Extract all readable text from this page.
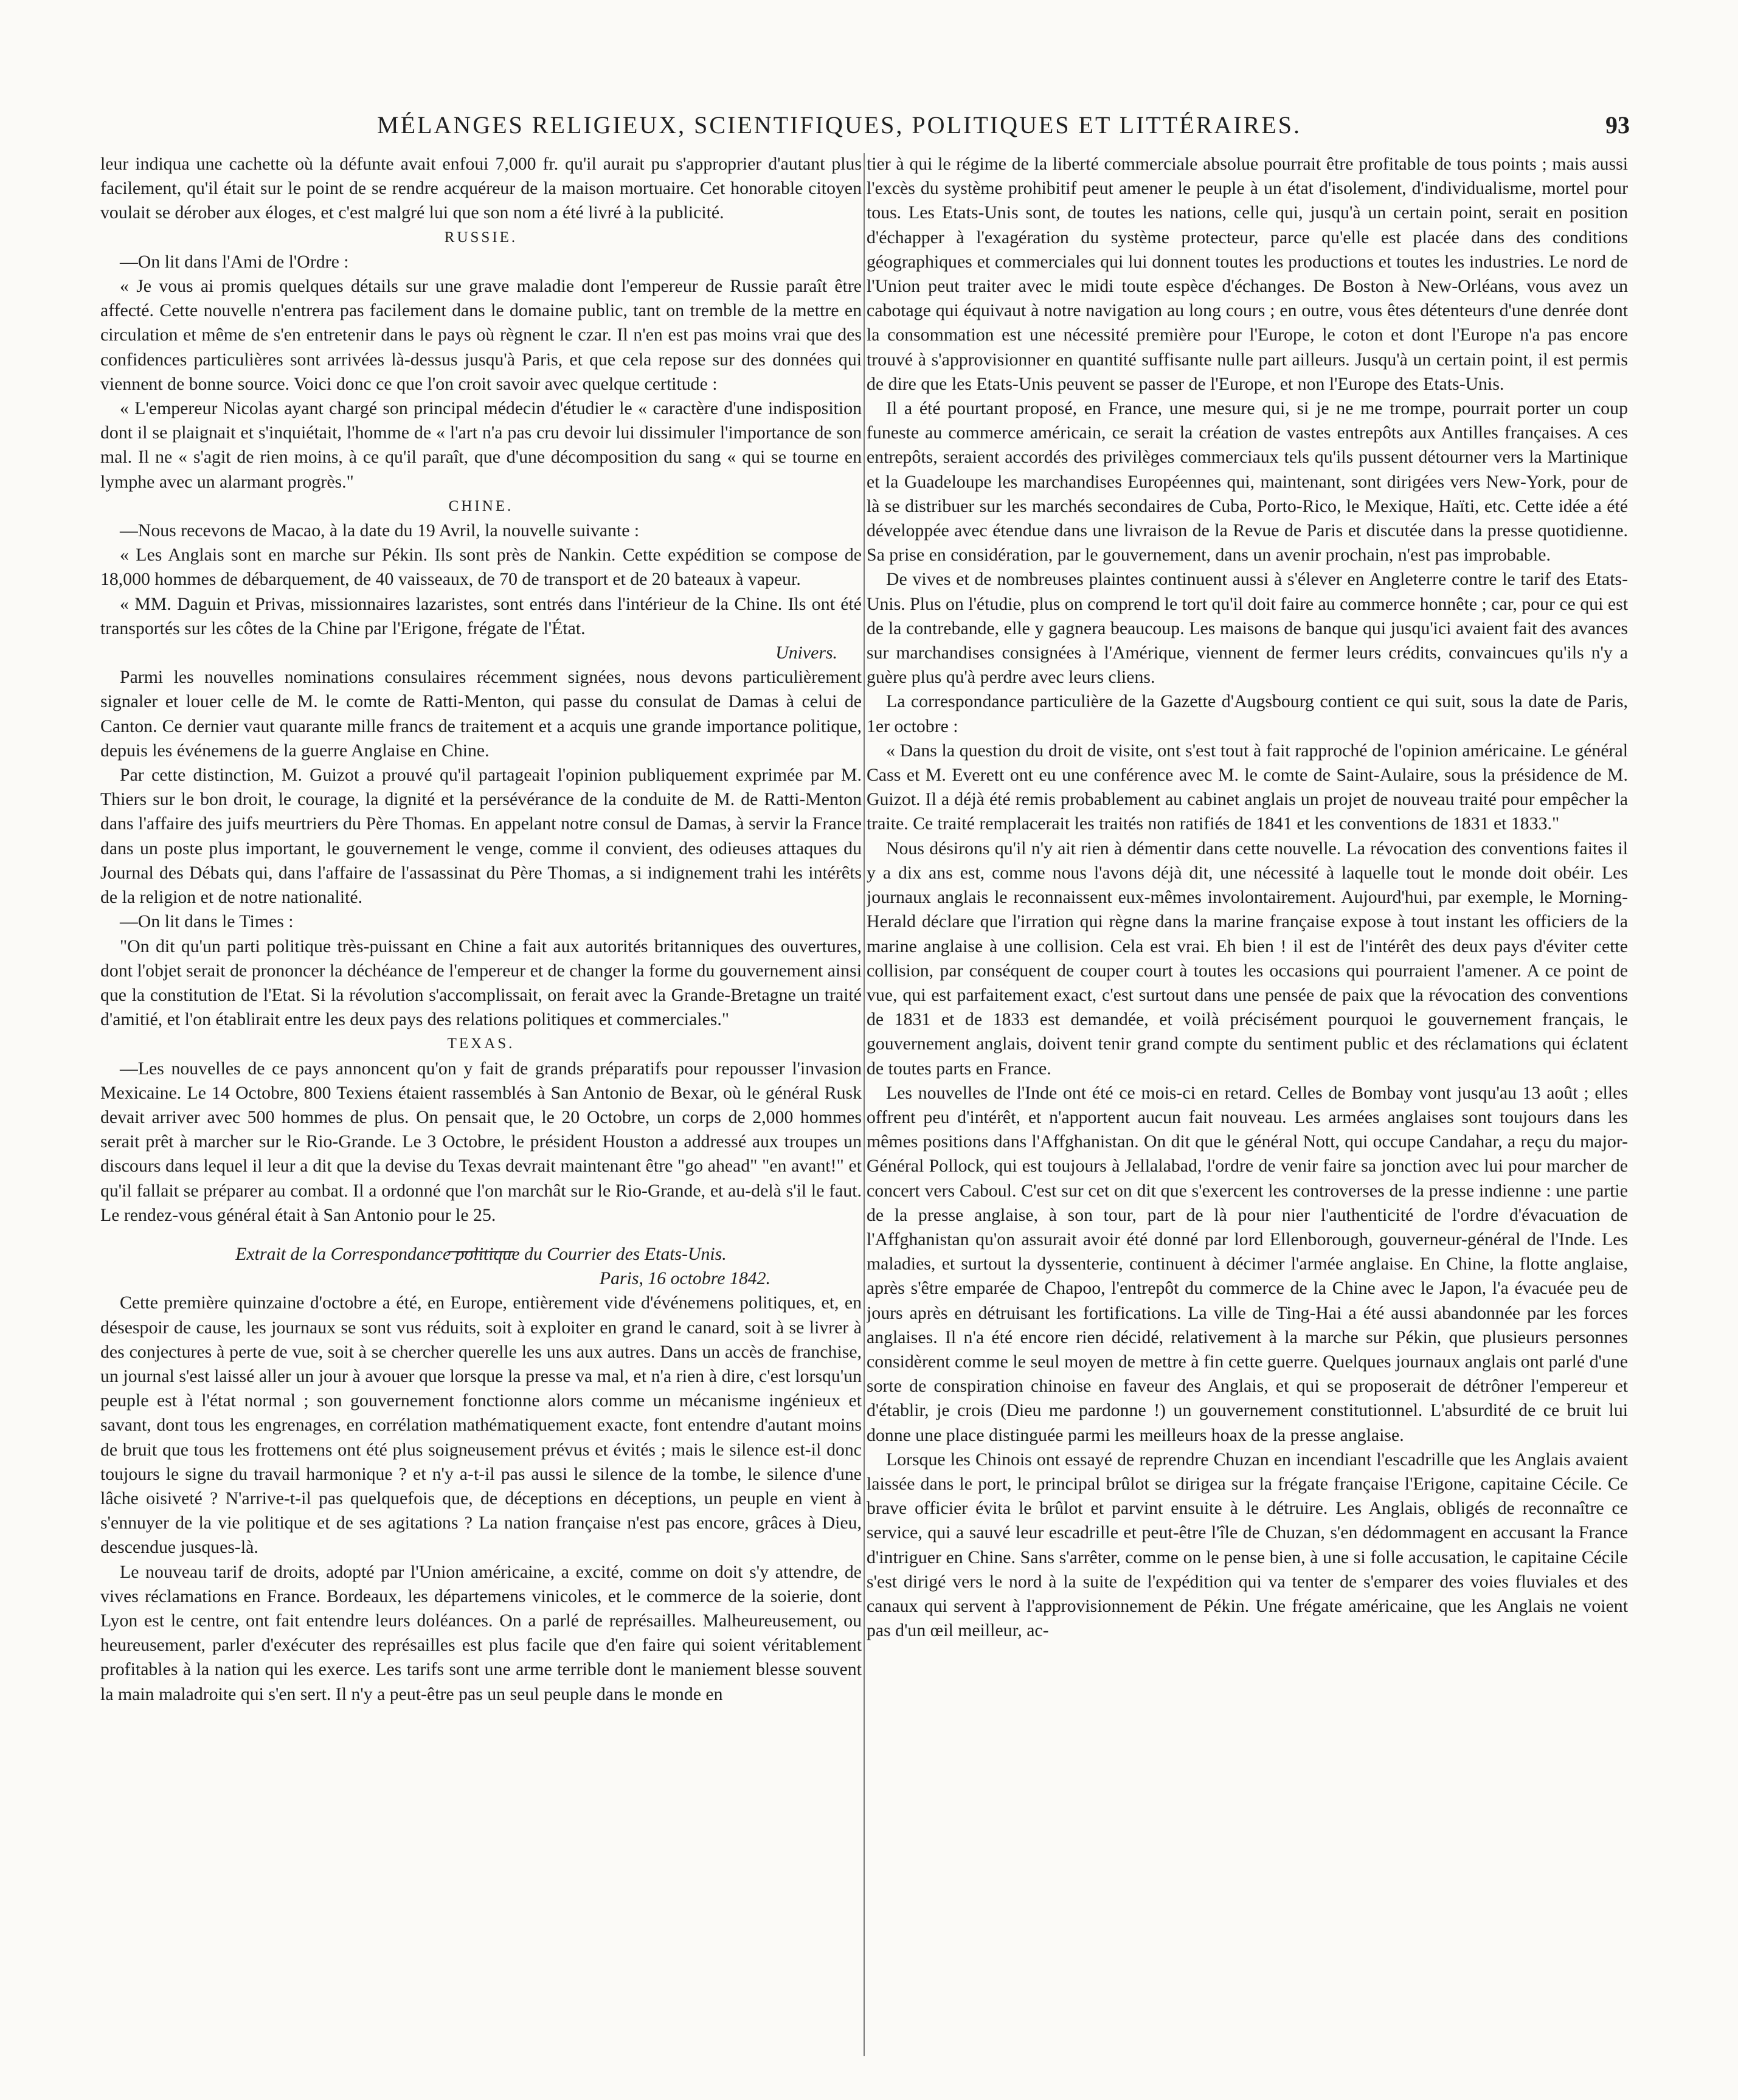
MÉLANGES RELIGIEUX, SCIENTIFIQUES, POLITIQUES ET LITTÉRAIRES.	93

leur indiqua une cachette où la défunte avait enfoui 7,000 fr. qu'il aurait pu s'approprier d'autant plus facilement, qu'il était sur le point de se rendre acquéreur de la maison mortuaire. Cet honorable citoyen voulait se dérober aux éloges, et c'est malgré lui que son nom a été livré à la publicité.

RUSSIE.

—On lit dans l'Ami de l'Ordre :

« Je vous ai promis quelques détails sur une grave maladie dont l'empereur de Russie paraît être affecté. Cette nouvelle n'entrera pas facilement dans le domaine public, tant on tremble de la mettre en circulation et même de s'en entretenir dans le pays où règnent le czar. Il n'en est pas moins vrai que des confidences particulières sont arrivées là-dessus jusqu'à Paris, et que cela repose sur des données qui viennent de bonne source. Voici donc ce que l'on croit savoir avec quelque certitude :

« L'empereur Nicolas ayant chargé son principal médecin d'étudier le « caractère d'une indisposition dont il se plaignait et s'inquiétait, l'homme de « l'art n'a pas cru devoir lui dissimuler l'importance de son mal. Il ne « s'agit de rien moins, à ce qu'il paraît, que d'une décomposition du sang « qui se tourne en lymphe avec un alarmant progrès."

CHINE.

—Nous recevons de Macao, à la date du 19 Avril, la nouvelle suivante :

« Les Anglais sont en marche sur Pékin. Ils sont près de Nankin. Cette expédition se compose de 18,000 hommes de débarquement, de 40 vaisseaux, de 70 de transport et de 20 bateaux à vapeur.

« MM. Daguin et Privas, missionnaires lazaristes, sont entrés dans l'intérieur de la Chine. Ils ont été transportés sur les côtes de la Chine par l'Erigone, frégate de l'État.

Univers.

Parmi les nouvelles nominations consulaires récemment signées, nous devons particulièrement signaler et louer celle de M. le comte de Ratti-Menton, qui passe du consulat de Damas à celui de Canton. Ce dernier vaut quarante mille francs de traitement et a acquis une grande importance politique, depuis les événemens de la guerre Anglaise en Chine.

Par cette distinction, M. Guizot a prouvé qu'il partageait l'opinion publiquement exprimée par M. Thiers sur le bon droit, le courage, la dignité et la persévérance de la conduite de M. de Ratti-Menton dans l'affaire des juifs meurtriers du Père Thomas. En appelant notre consul de Damas, à servir la France dans un poste plus important, le gouvernement le venge, comme il convient, des odieuses attaques du Journal des Débats qui, dans l'affaire de l'assassinat du Père Thomas, a si indignement trahi les intérêts de la religion et de notre nationalité.

—On lit dans le Times :

"On dit qu'un parti politique très-puissant en Chine a fait aux autorités britanniques des ouvertures, dont l'objet serait de prononcer la déchéance de l'empereur et de changer la forme du gouvernement ainsi que la constitution de l'Etat. Si la révolution s'accomplissait, on ferait avec la Grande-Bretagne un traité d'amitié, et l'on établirait entre les deux pays des relations politiques et commerciales."

TEXAS.

—Les nouvelles de ce pays annoncent qu'on y fait de grands préparatifs pour repousser l'invasion Mexicaine. Le 14 Octobre, 800 Texiens étaient rassemblés à San Antonio de Bexar, où le général Rusk devait arriver avec 500 hommes de plus. On pensait que, le 20 Octobre, un corps de 2,000 hommes serait prêt à marcher sur le Rio-Grande. Le 3 Octobre, le président Houston a addressé aux troupes un discours dans lequel il leur a dit que la devise du Texas devrait maintenant être "go ahead" "en avant!" et qu'il fallait se préparer au combat. Il a ordonné que l'on marchât sur le Rio-Grande, et au-delà s'il le faut. Le rendez-vous général était à San Antonio pour le 25.

Extrait de la Correspondance politique du Courrier des Etats-Unis.

Paris, 16 octobre 1842.

Cette première quinzaine d'octobre a été, en Europe, entièrement vide d'événemens politiques, et, en désespoir de cause, les journaux se sont vus réduits, soit à exploiter en grand le canard, soit à se livrer à des conjectures à perte de vue, soit à se chercher querelle les uns aux autres. Dans un accès de franchise, un journal s'est laissé aller un jour à avouer que lorsque la presse va mal, et n'a rien à dire, c'est lorsqu'un peuple est à l'état normal ; son gouvernement fonctionne alors comme un mécanisme ingénieux et savant, dont tous les engrenages, en corrélation mathématiquement exacte, font entendre d'autant moins de bruit que tous les frottemens ont été plus soigneusement prévus et évités ; mais le silence est-il donc toujours le signe du travail harmonique ? et n'y a-t-il pas aussi le silence de la tombe, le silence d'une lâche oisiveté ? N'arrive-t-il pas quelquefois que, de déceptions en déceptions, un peuple en vient à s'ennuyer de la vie politique et de ses agitations ? La nation française n'est pas encore, grâces à Dieu, descendue jusques-là.

Le nouveau tarif de droits, adopté par l'Union américaine, a excité, comme on doit s'y attendre, de vives réclamations en France. Bordeaux, les départemens vinicoles, et le commerce de la soierie, dont Lyon est le centre, ont fait entendre leurs doléances. On a parlé de représailles. Malheureusement, ou heureusement, parler d'exécuter des représailles est plus facile que d'en faire qui soient véritablement profitables à la nation qui les exerce. Les tarifs sont une arme terrible dont le maniement blesse souvent la main maladroite qui s'en sert. Il n'y a peut-être pas un seul peuple dans le monde en

tier à qui le régime de la liberté commerciale absolue pourrait être profitable de tous points ; mais aussi l'excès du système prohibitif peut amener le peuple à un état d'isolement, d'individualisme, mortel pour tous. Les Etats-Unis sont, de toutes les nations, celle qui, jusqu'à un certain point, serait en position d'échapper à l'exagération du système protecteur, parce qu'elle est placée dans des conditions géographiques et commerciales qui lui donnent toutes les productions et toutes les industries. Le nord de l'Union peut traiter avec le midi toute espèce d'échanges. De Boston à New-Orléans, vous avez un cabotage qui équivaut à notre navigation au long cours ; en outre, vous êtes détenteurs d'une denrée dont la consommation est une nécessité première pour l'Europe, le coton et dont l'Europe n'a pas encore trouvé à s'approvisionner en quantité suffisante nulle part ailleurs. Jusqu'à un certain point, il est permis de dire que les Etats-Unis peuvent se passer de l'Europe, et non l'Europe des Etats-Unis.

Il a été pourtant proposé, en France, une mesure qui, si je ne me trompe, pourrait porter un coup funeste au commerce américain, ce serait la création de vastes entrepôts aux Antilles françaises. A ces entrepôts, seraient accordés des privilèges commerciaux tels qu'ils pussent détourner vers la Martinique et la Guadeloupe les marchandises Européennes qui, maintenant, sont dirigées vers New-York, pour de là se distribuer sur les marchés secondaires de Cuba, Porto-Rico, le Mexique, Haïti, etc. Cette idée a été développée avec étendue dans une livraison de la Revue de Paris et discutée dans la presse quotidienne. Sa prise en considération, par le gouvernement, dans un avenir prochain, n'est pas improbable.

De vives et de nombreuses plaintes continuent aussi à s'élever en Angleterre contre le tarif des Etats-Unis. Plus on l'étudie, plus on comprend le tort qu'il doit faire au commerce honnête ; car, pour ce qui est de la contrebande, elle y gagnera beaucoup. Les maisons de banque qui jusqu'ici avaient fait des avances sur marchandises consignées à l'Amérique, viennent de fermer leurs crédits, convaincues qu'ils n'y a guère plus qu'à perdre avec leurs cliens.

La correspondance particulière de la Gazette d'Augsbourg contient ce qui suit, sous la date de Paris, 1er octobre :

« Dans la question du droit de visite, ont s'est tout à fait rapproché de l'opinion américaine. Le général Cass et M. Everett ont eu une conférence avec M. le comte de Saint-Aulaire, sous la présidence de M. Guizot. Il a déjà été remis probablement au cabinet anglais un projet de nouveau traité pour empêcher la traite. Ce traité remplacerait les traités non ratifiés de 1841 et les conventions de 1831 et 1833."

Nous désirons qu'il n'y ait rien à démentir dans cette nouvelle. La révocation des conventions faites il y a dix ans est, comme nous l'avons déjà dit, une nécessité à laquelle tout le monde doit obéir. Les journaux anglais le reconnaissent eux-mêmes involontairement. Aujourd'hui, par exemple, le Morning-Herald déclare que l'irration qui règne dans la marine française expose à tout instant les officiers de la marine anglaise à une collision. Cela est vrai. Eh bien ! il est de l'intérêt des deux pays d'éviter cette collision, par conséquent de couper court à toutes les occasions qui pourraient l'amener. A ce point de vue, qui est parfaitement exact, c'est surtout dans une pensée de paix que la révocation des conventions de 1831 et de 1833 est demandée, et voilà précisément pourquoi le gouvernement français, le gouvernement anglais, doivent tenir grand compte du sentiment public et des réclamations qui éclatent de toutes parts en France.

Les nouvelles de l'Inde ont été ce mois-ci en retard. Celles de Bombay vont jusqu'au 13 août ; elles offrent peu d'intérêt, et n'apportent aucun fait nouveau. Les armées anglaises sont toujours dans les mêmes positions dans l'Affghanistan. On dit que le général Nott, qui occupe Candahar, a reçu du major-Général Pollock, qui est toujours à Jellalabad, l'ordre de venir faire sa jonction avec lui pour marcher de concert vers Caboul. C'est sur cet on dit que s'exercent les controverses de la presse indienne : une partie de la presse anglaise, à son tour, part de là pour nier l'authenticité de l'ordre d'évacuation de l'Affghanistan qu'on assurait avoir été donné par lord Ellenborough, gouverneur-général de l'Inde. Les maladies, et surtout la dyssenterie, continuent à décimer l'armée anglaise. En Chine, la flotte anglaise, après s'être emparée de Chapoo, l'entrepôt du commerce de la Chine avec le Japon, l'a évacuée peu de jours après en détruisant les fortifications. La ville de Ting-Hai a été aussi abandonnée par les forces anglaises. Il n'a été encore rien décidé, relativement à la marche sur Pékin, que plusieurs personnes considèrent comme le seul moyen de mettre à fin cette guerre. Quelques journaux anglais ont parlé d'une sorte de conspiration chinoise en faveur des Anglais, et qui se proposerait de détrôner l'empereur et d'établir, je crois (Dieu me pardonne !) un gouvernement constitutionnel. L'absurdité de ce bruit lui donne une place distinguée parmi les meilleurs hoax de la presse anglaise.

Lorsque les Chinois ont essayé de reprendre Chuzan en incendiant l'escadrille que les Anglais avaient laissée dans le port, le principal brûlot se dirigea sur la frégate française l'Erigone, capitaine Cécile. Ce brave officier évita le brûlot et parvint ensuite à le détruire. Les Anglais, obligés de reconnaître ce service, qui a sauvé leur escadrille et peut-être l'île de Chuzan, s'en dédommagent en accusant la France d'intriguer en Chine. Sans s'arrêter, comme on le pense bien, à une si folle accusation, le capitaine Cécile s'est dirigé vers le nord à la suite de l'expédition qui va tenter de s'emparer des voies fluviales et des canaux qui servent à l'approvisionnement de Pékin. Une frégate américaine, que les Anglais ne voient pas d'un œil meilleur, ac-
